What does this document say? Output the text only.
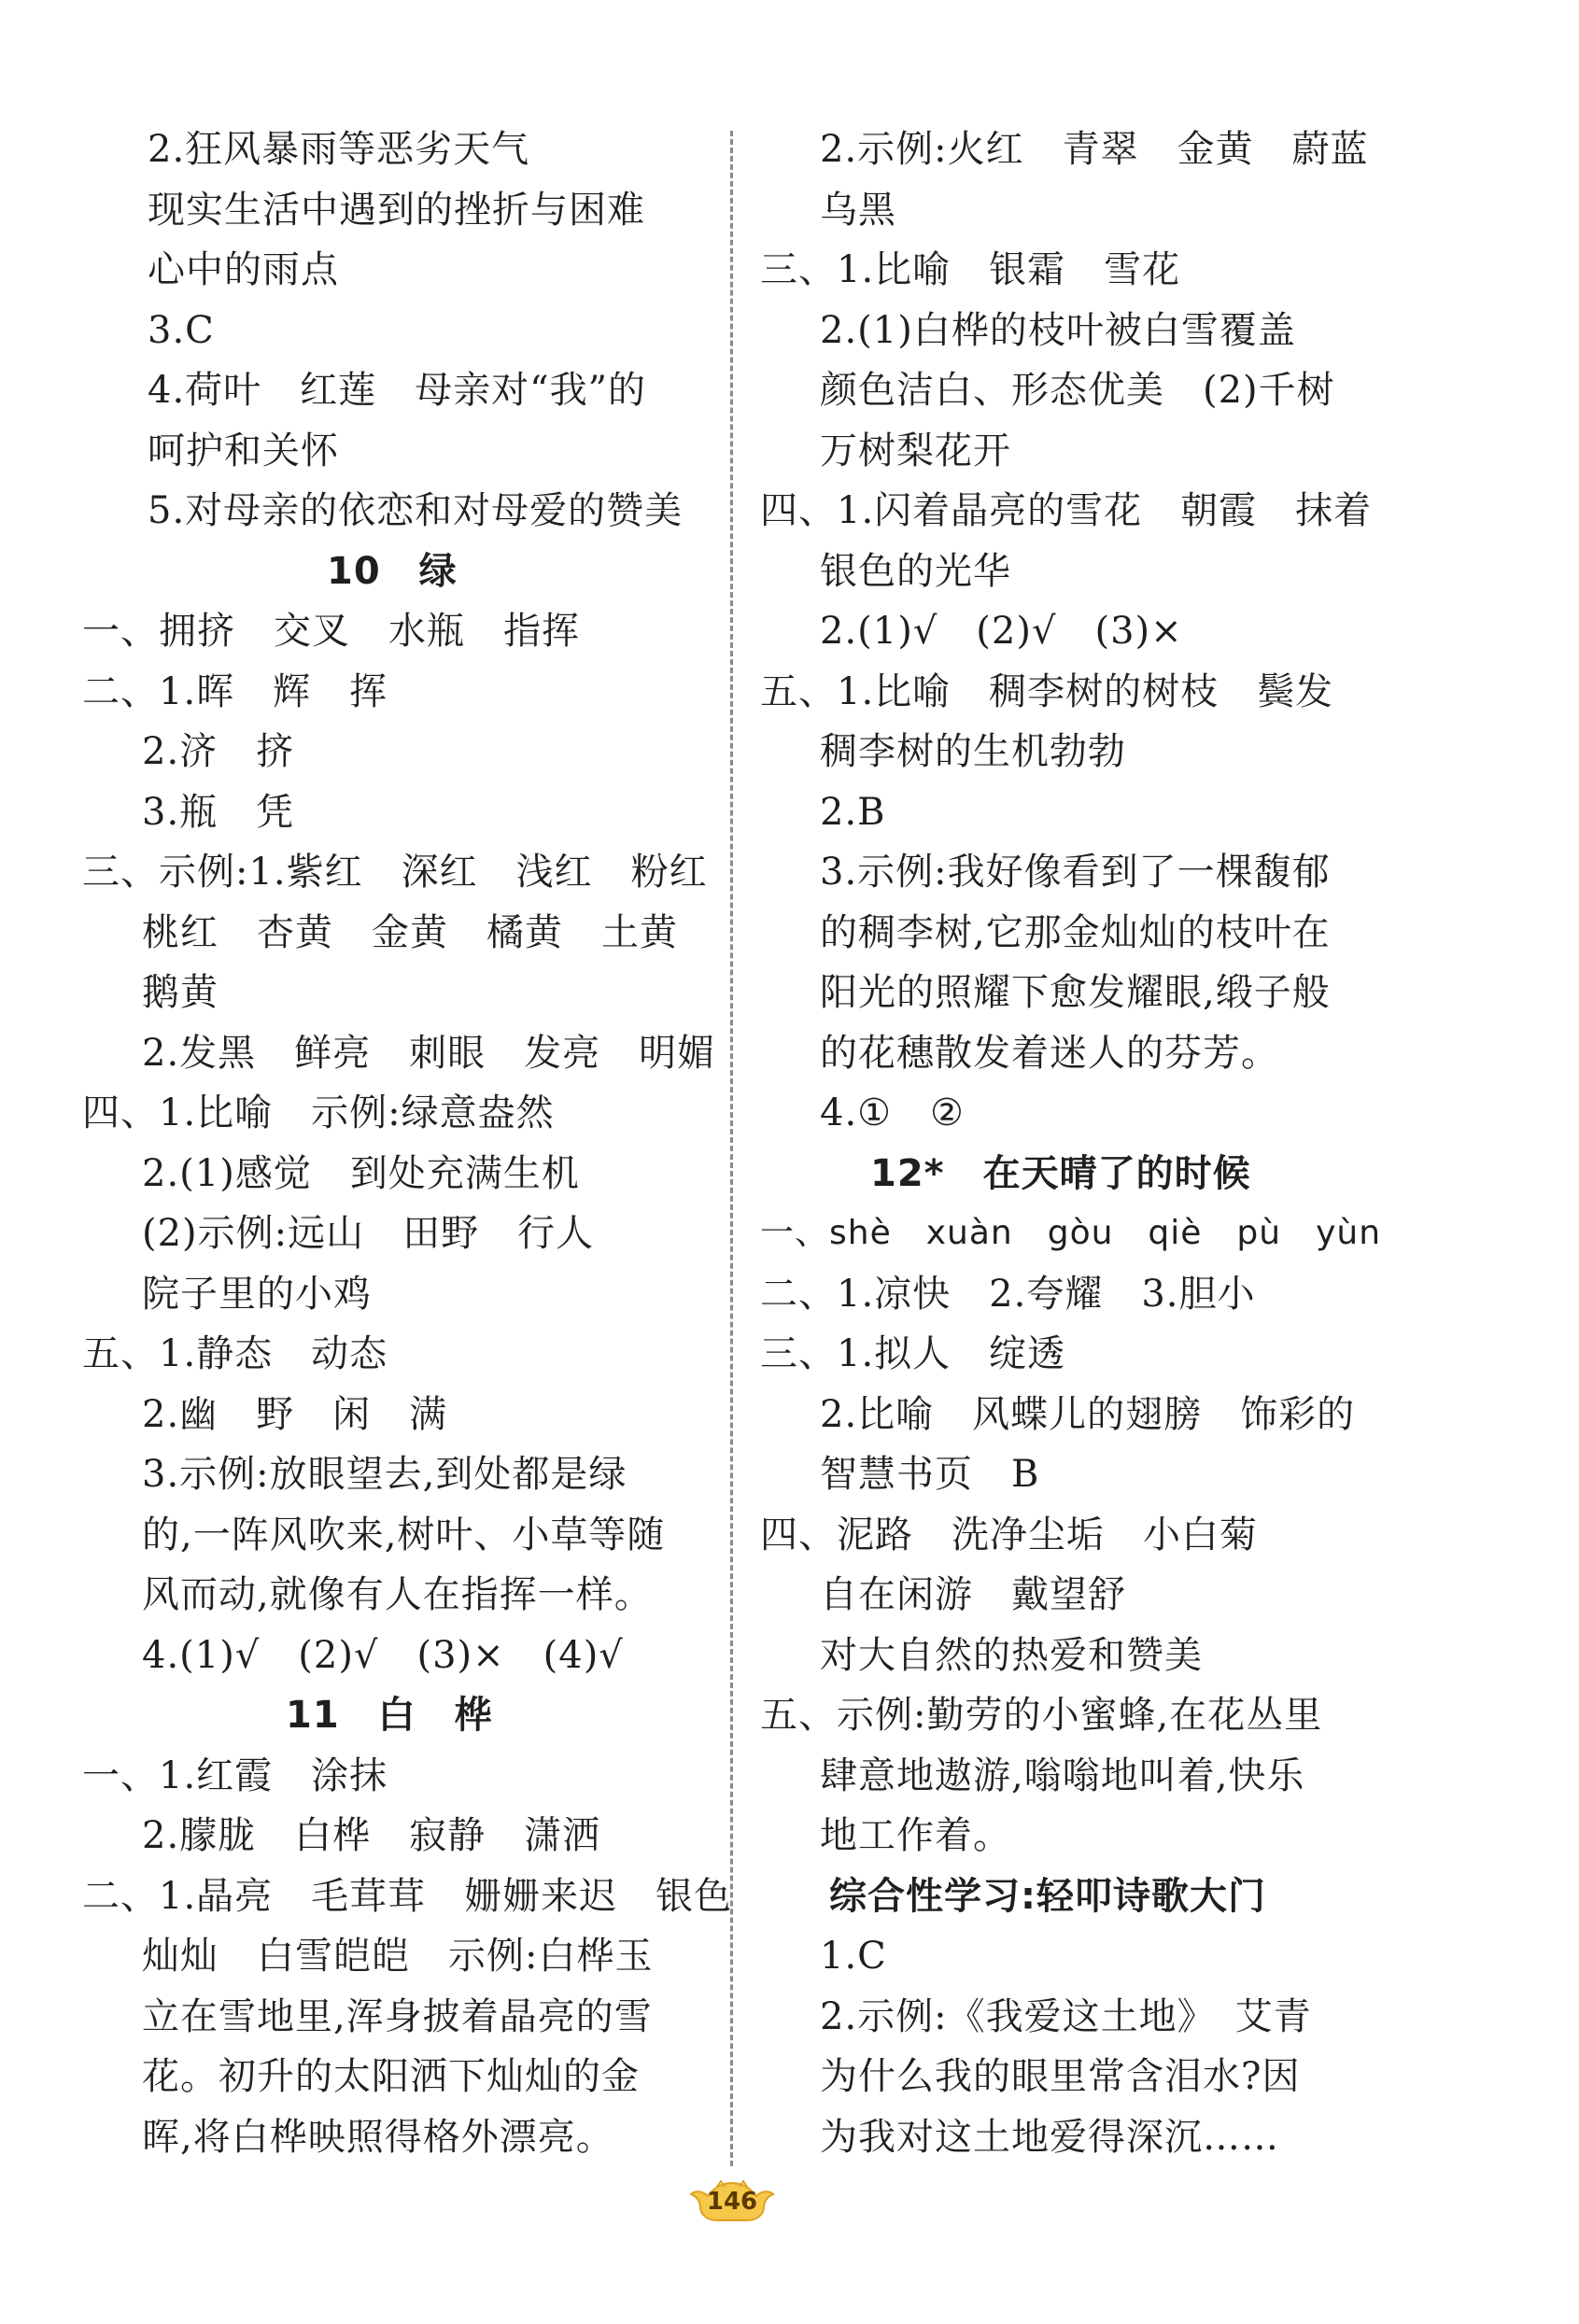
2.狂风暴雨等恶劣天气
现实生活中遇到的挫折与困难
心中的雨点
3.C
4.荷叶　红莲　母亲对“我”的
呵护和关怀
5.对母亲的依恋和对母爱的赞美
10　绿
一、拥挤　交叉　水瓶　指挥
二、1.晖　辉　挥
2.济　挤
3.瓶　凭
三、示例:1.紫红　深红　浅红　粉红
桃红　杏黄　金黄　橘黄　土黄
鹅黄
2.发黑　鲜亮　刺眼　发亮　明媚
四、1.比喻　示例:绿意盎然
2.(1)感觉　到处充满生机
(2)示例:远山　田野　行人
院子里的小鸡
五、1.静态　动态
2.幽　野　闲　满
3.示例:放眼望去,到处都是绿
的,一阵风吹来,树叶、小草等随
风而动,就像有人在指挥一样。
4.(1)√　(2)√　(3)×　(4)√
11　白　桦
一、1.红霞　涂抹
2.朦胧　白桦　寂静　潇洒
二、1.晶亮　毛茸茸　姗姗来迟　银色
灿灿　白雪皑皑　示例:白桦玉
立在雪地里,浑身披着晶亮的雪
花。初升的太阳洒下灿灿的金
晖,将白桦映照得格外漂亮。
2.示例:火红　青翠　金黄　蔚蓝
乌黑
三、1.比喻　银霜　雪花
2.(1)白桦的枝叶被白雪覆盖
颜色洁白、形态优美　(2)千树
万树梨花开
四、1.闪着晶亮的雪花　朝霞　抹着
银色的光华
2.(1)√　(2)√　(3)×
五、1.比喻　稠李树的树枝　鬓发
稠李树的生机勃勃
2.B
3.示例:我好像看到了一棵馥郁
的稠李树,它那金灿灿的枝叶在
阳光的照耀下愈发耀眼,缎子般
的花穗散发着迷人的芬芳。
4.①　②
12*　在天晴了的时候
一、shè　xuàn　gòu　qiè　pù　yùn
二、1.凉快　2.夸耀　3.胆小
三、1.拟人　绽透
2.比喻　风蝶儿的翅膀　饰彩的
智慧书页　B
四、泥路　洗净尘垢　小白菊
自在闲游　戴望舒
对大自然的热爱和赞美
五、示例:勤劳的小蜜蜂,在花丛里
肆意地遨游,嗡嗡地叫着,快乐
地工作着。
综合性学习:轻叩诗歌大门
1.C
2.示例:《我爱这土地》　艾青
为什么我的眼里常含泪水?因
为我对这土地爱得深沉……
146
